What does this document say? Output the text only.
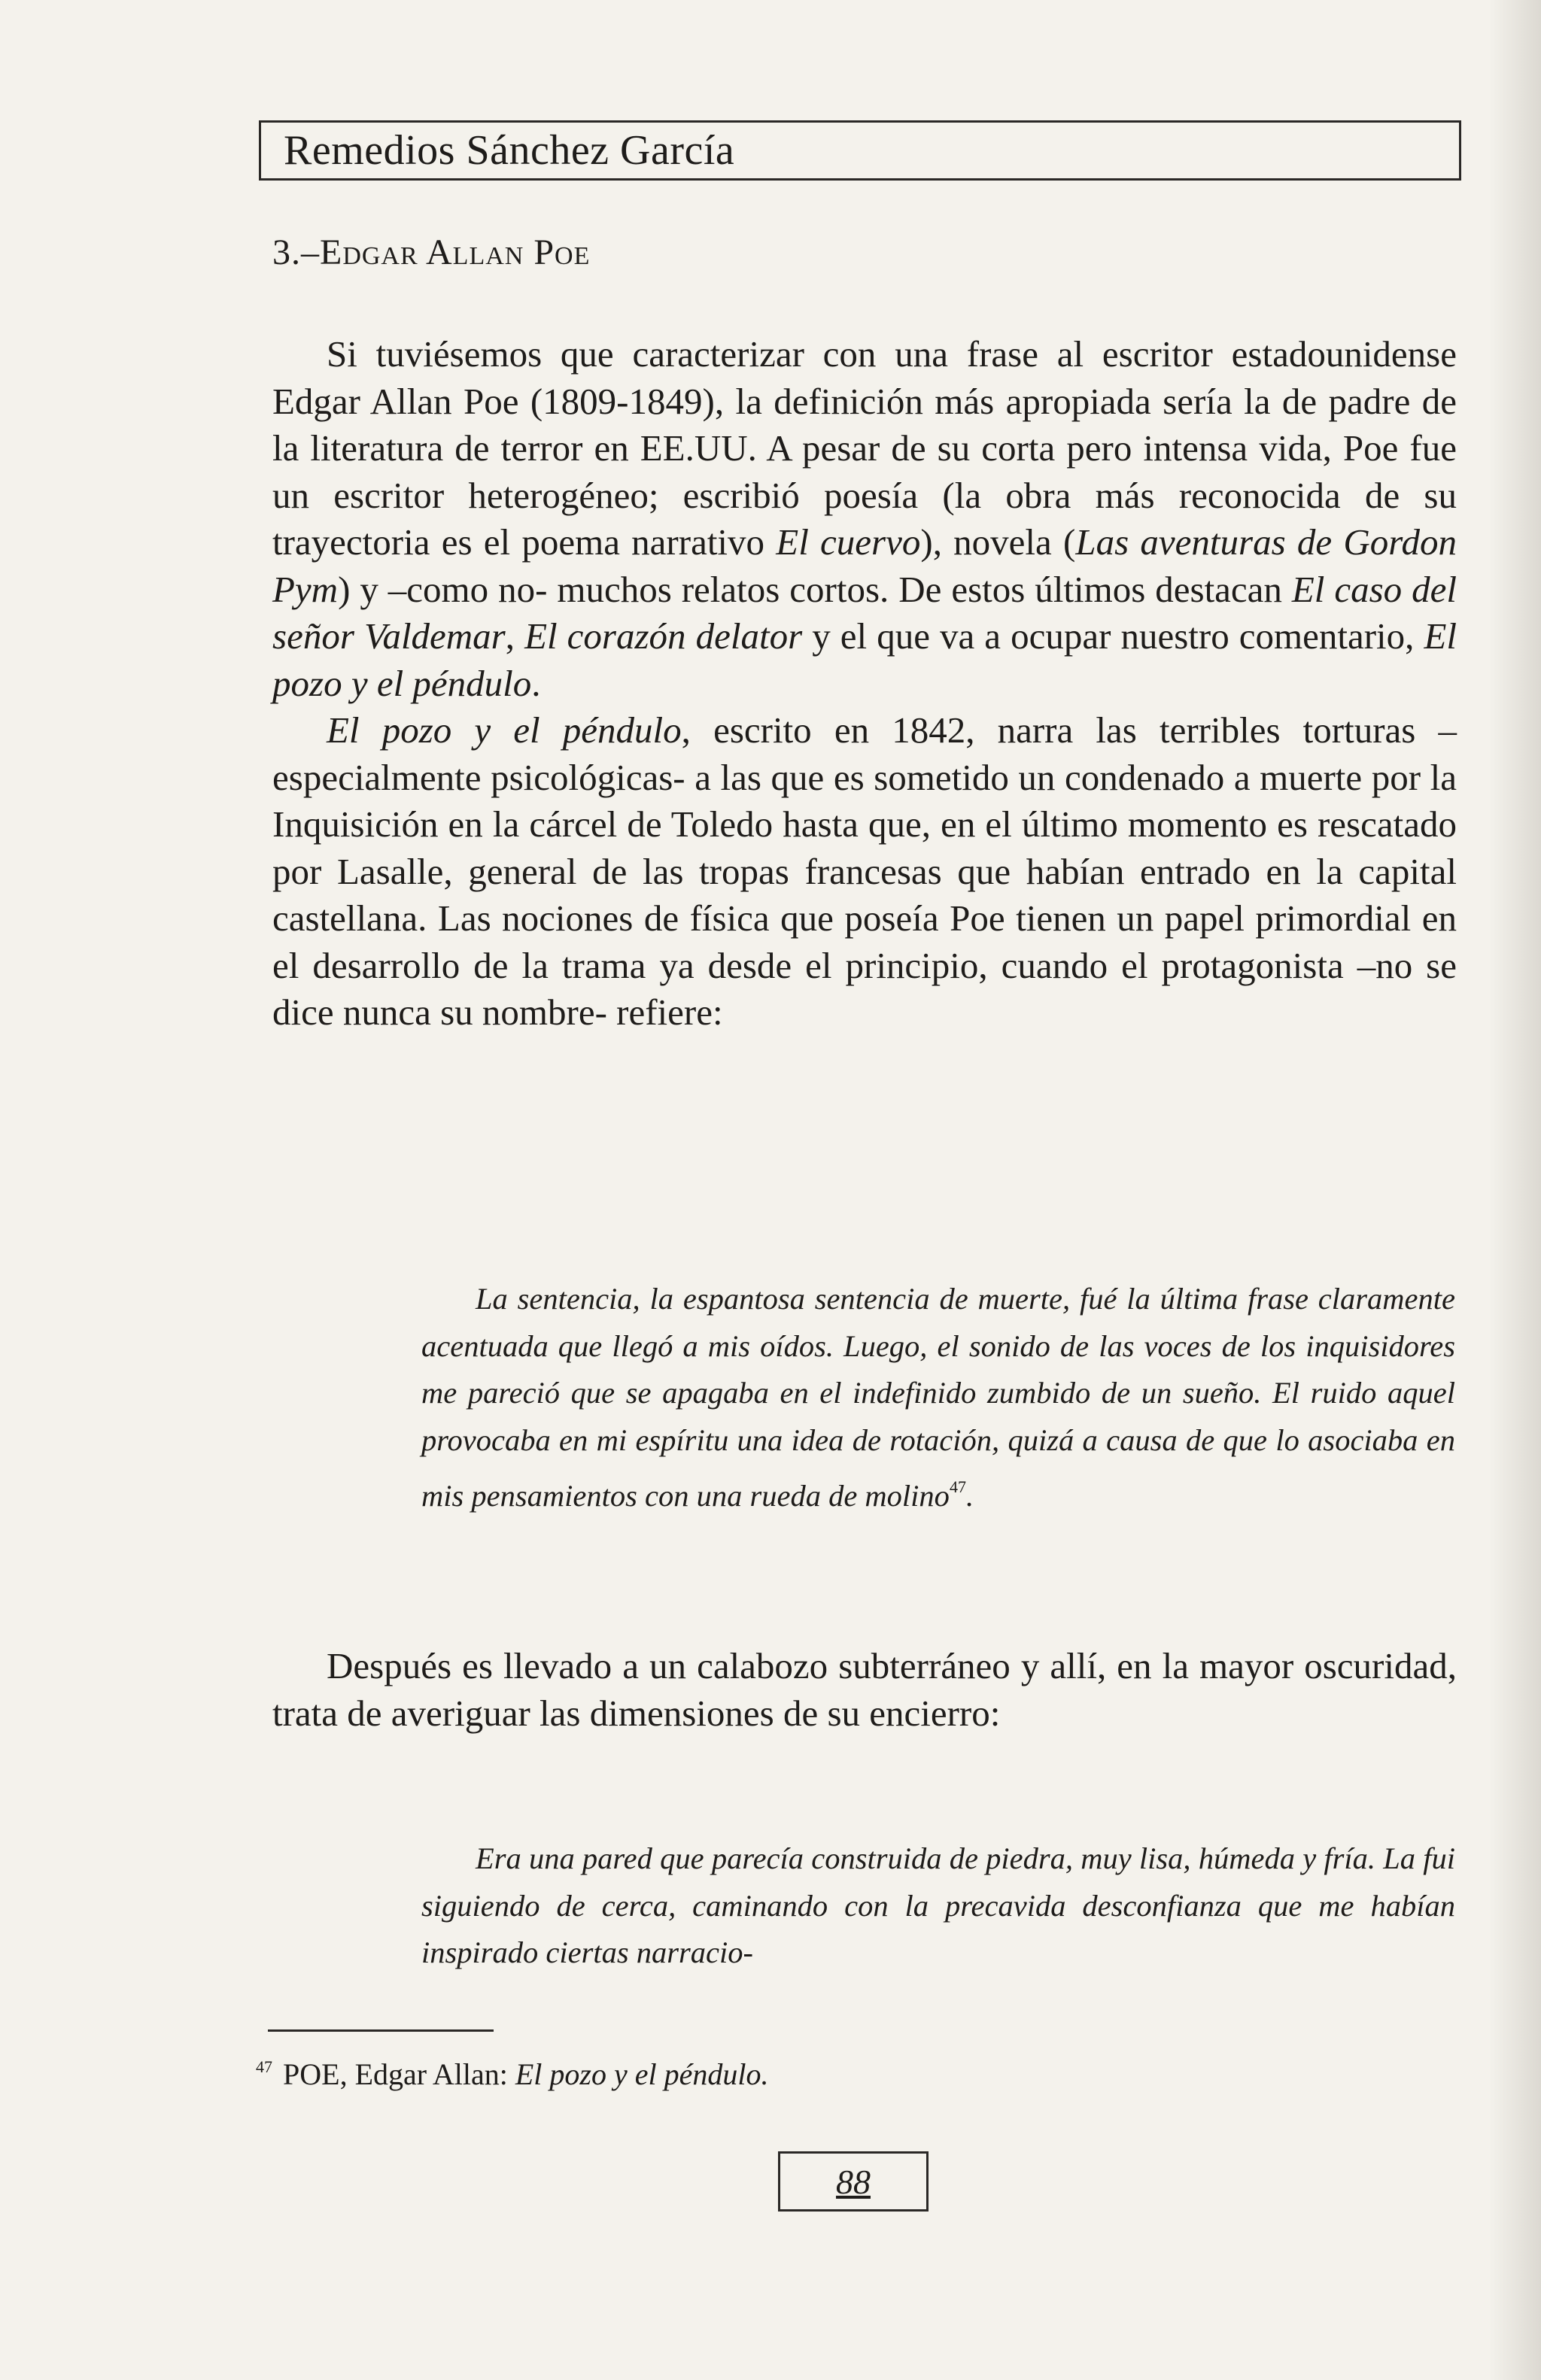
Remedios Sánchez García
3.–Edgar Allan Poe

Si tuviésemos que caracterizar con una frase al escritor estadounidense Edgar Allan Poe (1809-1849), la definición más apropiada sería la de padre de la literatura de terror en EE.UU. A pesar de su corta pero intensa vida, Poe fue un escritor heterogéneo; escribió poesía (la obra más reconocida de su trayectoria es el poema narrativo El cuervo), novela (Las aventuras de Gordon Pym) y –como no- muchos relatos cortos. De estos últimos destacan El caso del señor Valdemar, El corazón delator y el que va a ocupar nuestro comentario, El pozo y el péndulo.

El pozo y el péndulo, escrito en 1842, narra las terribles torturas –especialmente psicológicas- a las que es sometido un condenado a muerte por la Inquisición en la cárcel de Toledo hasta que, en el último momento es rescatado por Lasalle, general de las tropas francesas que habían entrado en la capital castellana. Las nociones de física que poseía Poe tienen un papel primordial en el desarrollo de la trama ya desde el principio, cuando el protagonista –no se dice nunca su nombre- refiere:

La sentencia, la espantosa sentencia de muerte, fué la última frase claramente acentuada que llegó a mis oídos. Luego, el sonido de las voces de los inquisidores me pareció que se apagaba en el indefinido zumbido de un sueño. El ruido aquel provocaba en mi espíritu una idea de rotación, quizá a causa de que lo asociaba en mis pensamientos con una rueda de molino$^{47}$.

Después es llevado a un calabozo subterráneo y allí, en la mayor oscuridad, trata de averiguar las dimensiones de su encierro:

Era una pared que parecía construida de piedra, muy lisa, húmeda y fría. La fui siguiendo de cerca, caminando con la precavida desconfianza que me habían inspirado ciertas narracio-

$^{47}$ POE, Edgar Allan: El pozo y el péndulo.
88
